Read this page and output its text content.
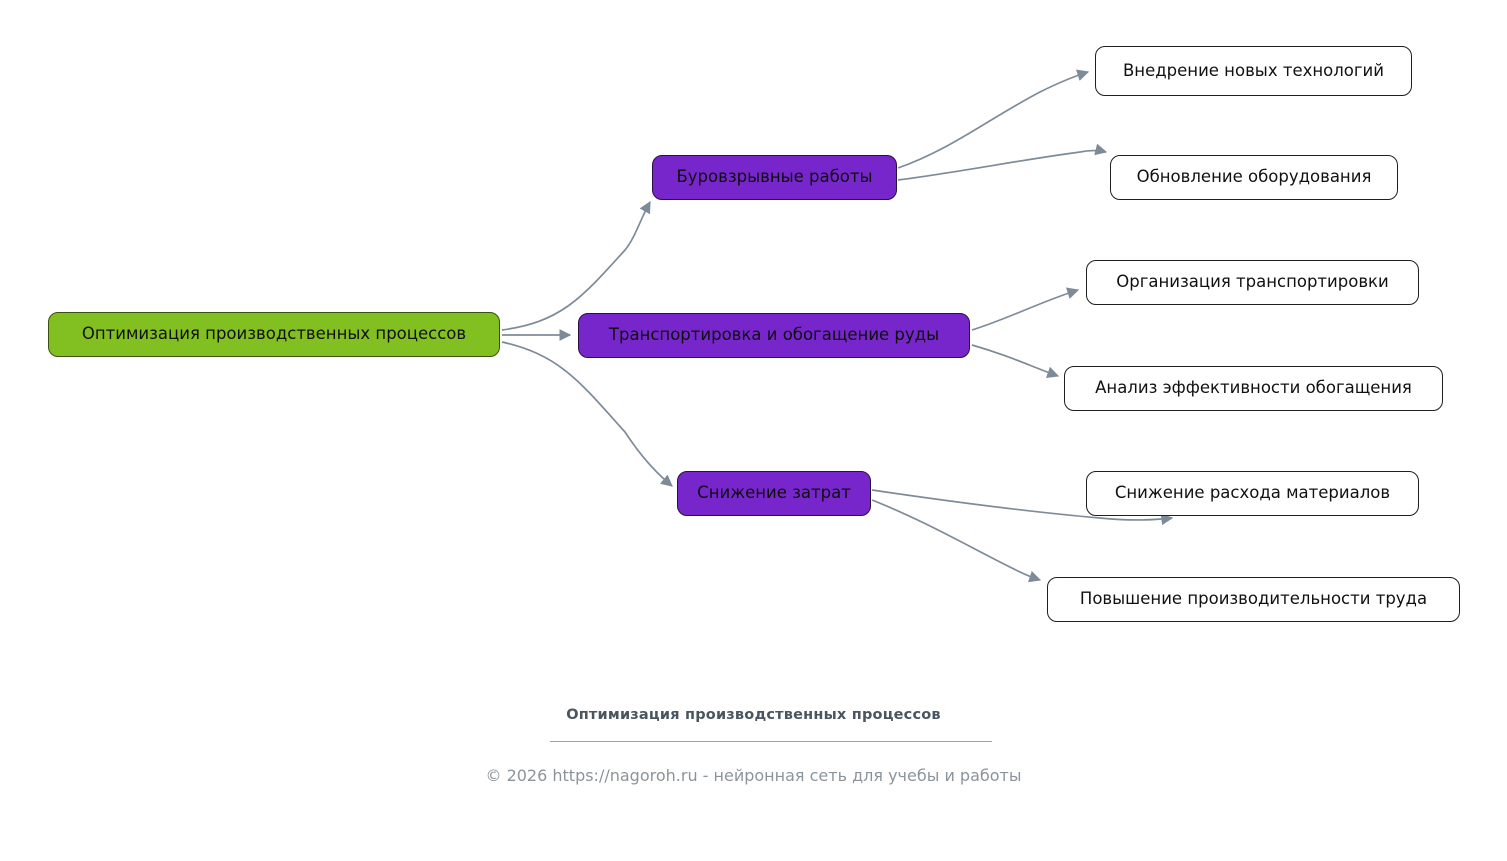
Оптимизация производственных процессов
Буровзрывные работы
Внедрение новых технологий
Обновление оборудования
Транспортировка и обогащение руды
Организация транспортировки
Анализ эффективности обогащения
Снижение затрат	Снижение расхода материалов
Повышение производительности труда
Оптимизация производственных процессов
© 2026 https://nagoroh.ru - нейронная сеть для учебы и работы
